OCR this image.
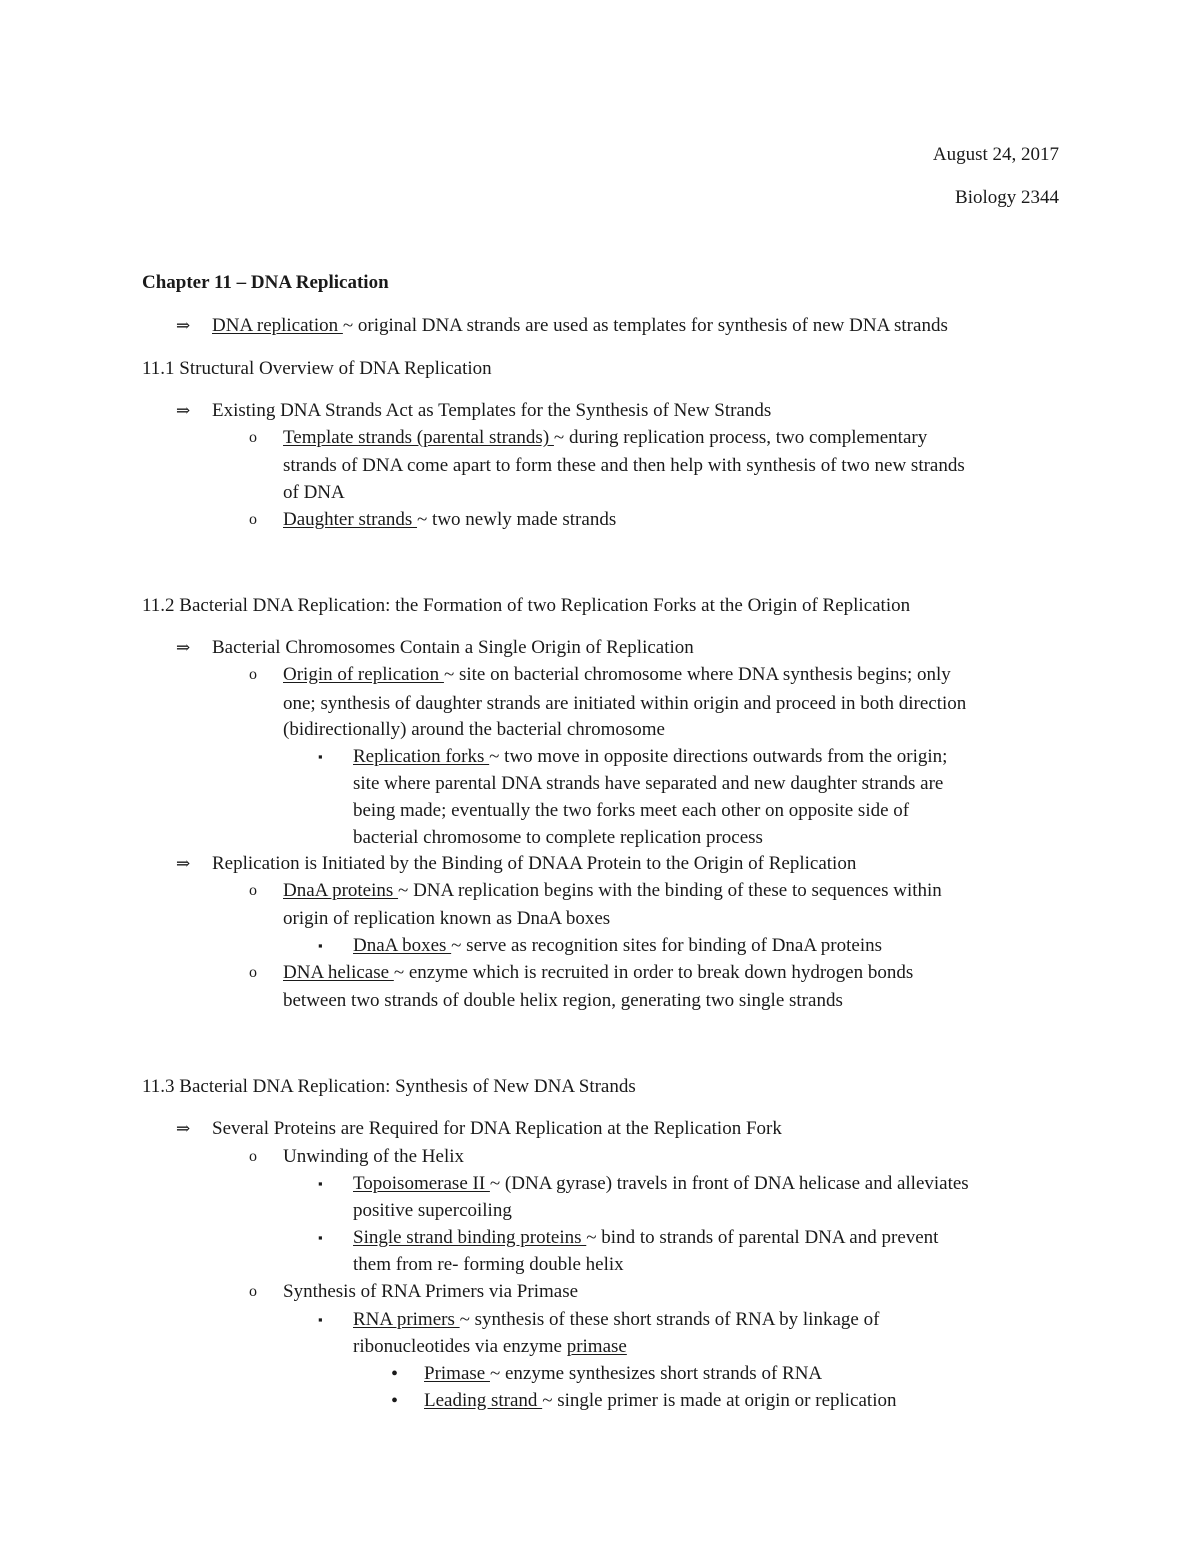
August 24, 2017
Biology 2344
Chapter 11 – DNA Replication
⇒ DNA replication ~ original DNA strands are used as templates for synthesis of new DNA strands
11.1 Structural Overview of DNA Replication
⇒ Existing DNA Strands Act as Templates for the Synthesis of New Strands
o Template strands (parental strands) ~ during replication process, two complementary
strands of DNA come apart to form these and then help with synthesis of two new strands
of DNA
o Daughter strands ~ two newly made strands
11.2 Bacterial DNA Replication: the Formation of two Replication Forks at the Origin of Replication
⇒ Bacterial Chromosomes Contain a Single Origin of Replication
o Origin of replication ~ site on bacterial chromosome where DNA synthesis begins; only
one; synthesis of daughter strands are initiated within origin and proceed in both direction
(bidirectionally) around the bacterial chromosome
▪ Replication forks ~ two move in opposite directions outwards from the origin;
site where parental DNA strands have separated and new daughter strands are
being made; eventually the two forks meet each other on opposite side of
bacterial chromosome to complete replication process
⇒ Replication is Initiated by the Binding of DNAA Protein to the Origin of Replication
o DnaA proteins ~ DNA replication begins with the binding of these to sequences within
origin of replication known as DnaA boxes
▪ DnaA boxes ~ serve as recognition sites for binding of DnaA proteins
o DNA helicase ~ enzyme which is recruited in order to break down hydrogen bonds
between two strands of double helix region, generating two single strands
11.3 Bacterial DNA Replication: Synthesis of New DNA Strands
⇒ Several Proteins are Required for DNA Replication at the Replication Fork
o Unwinding of the Helix
▪ Topoisomerase II ~ (DNA gyrase) travels in front of DNA helicase and alleviates
positive supercoiling
▪ Single strand binding proteins ~ bind to strands of parental DNA and prevent
them from re- forming double helix
o Synthesis of RNA Primers via Primase
▪ RNA primers ~ synthesis of these short strands of RNA by linkage of
ribonucleotides via enzyme primase
• Primase ~ enzyme synthesizes short strands of RNA
• Leading strand ~ single primer is made at origin or replication
